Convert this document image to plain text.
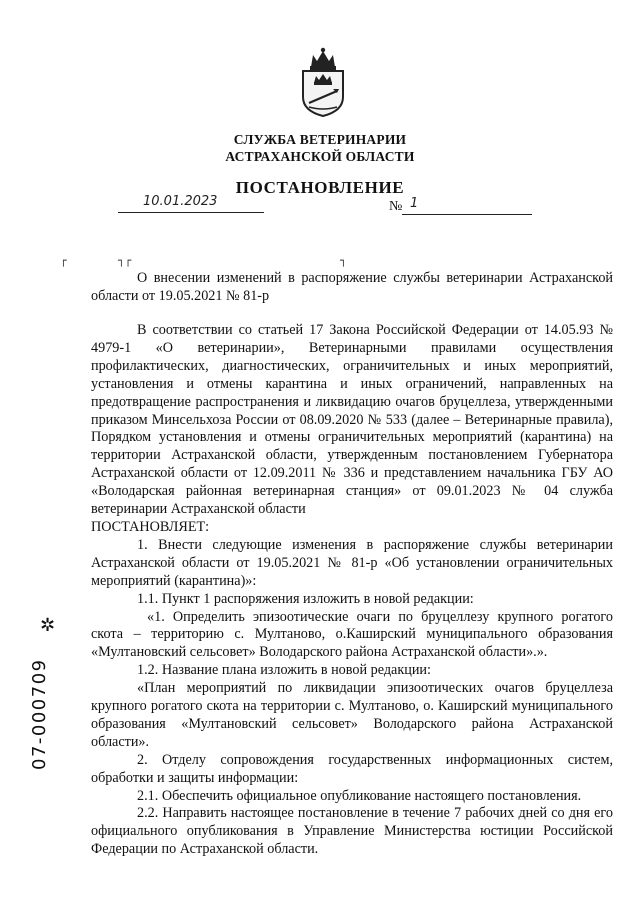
СЛУЖБА ВЕТЕРИНАРИИ
АСТРАХАНСКОЙ ОБЛАСТИ
ПОСТАНОВЛЕНИЕ
10.01.2023	№ 1
┌	┐┌	┐
О внесении изменений в распоряжение службы ветеринарии Астраханской области от 19.05.2021 № 81-р

В соответствии со статьей 17 Закона Российской Федерации от 14.05.93 № 4979-1 «О ветеринарии», Ветеринарными правилами осуществления профилактических, диагностических, ограничительных и иных мероприятий, установления и отмены карантина и иных ограничений, направленных на предотвращение распространения и ликвидацию очагов бруцеллеза, утвержденными приказом Минсельхоза России от 08.09.2020 № 533 (далее – Ветеринарные правила), Порядком установления и отмены ограничительных мероприятий (карантина) на территории Астраханской области, утвержденным постановлением Губернатора Астраханской области от 12.09.2011 № 336 и представлением начальника ГБУ АО «Володарская районная ветеринарная станция» от 09.01.2023 № 04 служба ветеринарии Астраханской области

ПОСТАНОВЛЯЕТ:

1. Внести следующие изменения в распоряжение службы ветеринарии Астраханской области от 19.05.2021 № 81-р «Об установлении ограничительных мероприятий (карантина)»:

1.1. Пункт 1 распоряжения изложить в новой редакции:

«1. Определить эпизоотические очаги по бруцеллезу крупного рогатого скота – территорию с. Мултаново, о.Каширский муниципального образования «Мултановский сельсовет» Володарского района Астраханской области».».

1.2. Название плана изложить в новой редакции:

«План мероприятий по ликвидации эпизоотических очагов бруцеллеза крупного рогатого скота на территории с. Мултаново, о. Каширский муниципального образования «Мултановский сельсовет» Володарского района Астраханской области».

2. Отделу сопровождения государственных информационных систем, обработки и защиты информации:

2.1. Обеспечить официальное опубликование настоящего постановления.

2.2. Направить настоящее постановление в течение 7 рабочих дней со дня его официального опубликования в Управление Министерства юстиции Российской Федерации по Астраханской области.

✲
07-000709
